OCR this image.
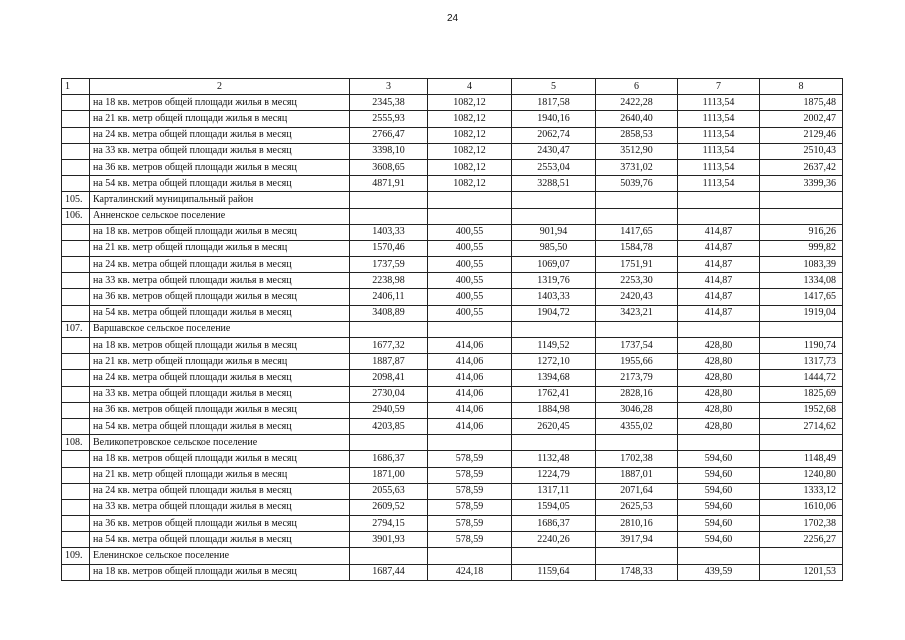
24
1	2	3	4	5	6	7	8
	на 18 кв. метров общей площади жилья в месяц	2345,38	1082,12	1817,58	2422,28	1113,54	1875,48
	на 21 кв. метр общей площади жилья в месяц	2555,93	1082,12	1940,16	2640,40	1113,54	2002,47
	на 24 кв. метра общей площади жилья в месяц	2766,47	1082,12	2062,74	2858,53	1113,54	2129,46
	на 33 кв. метра общей площади жилья в месяц	3398,10	1082,12	2430,47	3512,90	1113,54	2510,43
	на 36 кв. метров общей площади жилья в месяц	3608,65	1082,12	2553,04	3731,02	1113,54	2637,42
	на 54 кв. метра общей площади жилья в месяц	4871,91	1082,12	3288,51	5039,76	1113,54	3399,36
105.	Карталинский муниципальный район						
106.	Анненское сельское поселение						
	на 18 кв. метров общей площади жилья в месяц	1403,33	400,55	901,94	1417,65	414,87	916,26
	на 21 кв. метр общей площади жилья в месяц	1570,46	400,55	985,50	1584,78	414,87	999,82
	на 24 кв. метра общей площади жилья в месяц	1737,59	400,55	1069,07	1751,91	414,87	1083,39
	на 33 кв. метра общей площади жилья в месяц	2238,98	400,55	1319,76	2253,30	414,87	1334,08
	на 36 кв. метров общей площади жилья в месяц	2406,11	400,55	1403,33	2420,43	414,87	1417,65
	на 54 кв. метра общей площади жилья в месяц	3408,89	400,55	1904,72	3423,21	414,87	1919,04
107.	Варшавское сельское поселение						
	на 18 кв. метров общей площади жилья в месяц	1677,32	414,06	1149,52	1737,54	428,80	1190,74
	на 21 кв. метр общей площади жилья в месяц	1887,87	414,06	1272,10	1955,66	428,80	1317,73
	на 24 кв. метра общей площади жилья в месяц	2098,41	414,06	1394,68	2173,79	428,80	1444,72
	на 33 кв. метра общей площади жилья в месяц	2730,04	414,06	1762,41	2828,16	428,80	1825,69
	на 36 кв. метров общей площади жилья в месяц	2940,59	414,06	1884,98	3046,28	428,80	1952,68
	на 54 кв. метра общей площади жилья в месяц	4203,85	414,06	2620,45	4355,02	428,80	2714,62
108.	Великопетровское сельское поселение						
	на 18 кв. метров общей площади жилья в месяц	1686,37	578,59	1132,48	1702,38	594,60	1148,49
	на 21 кв. метр общей площади жилья в месяц	1871,00	578,59	1224,79	1887,01	594,60	1240,80
	на 24 кв. метра общей площади жилья в месяц	2055,63	578,59	1317,11	2071,64	594,60	1333,12
	на 33 кв. метра общей площади жилья в месяц	2609,52	578,59	1594,05	2625,53	594,60	1610,06
	на 36 кв. метров общей площади жилья в месяц	2794,15	578,59	1686,37	2810,16	594,60	1702,38
	на 54 кв. метра общей площади жилья в месяц	3901,93	578,59	2240,26	3917,94	594,60	2256,27
109.	Еленинское сельское поселение						
	на 18 кв. метров общей площади жилья в месяц	1687,44	424,18	1159,64	1748,33	439,59	1201,53
